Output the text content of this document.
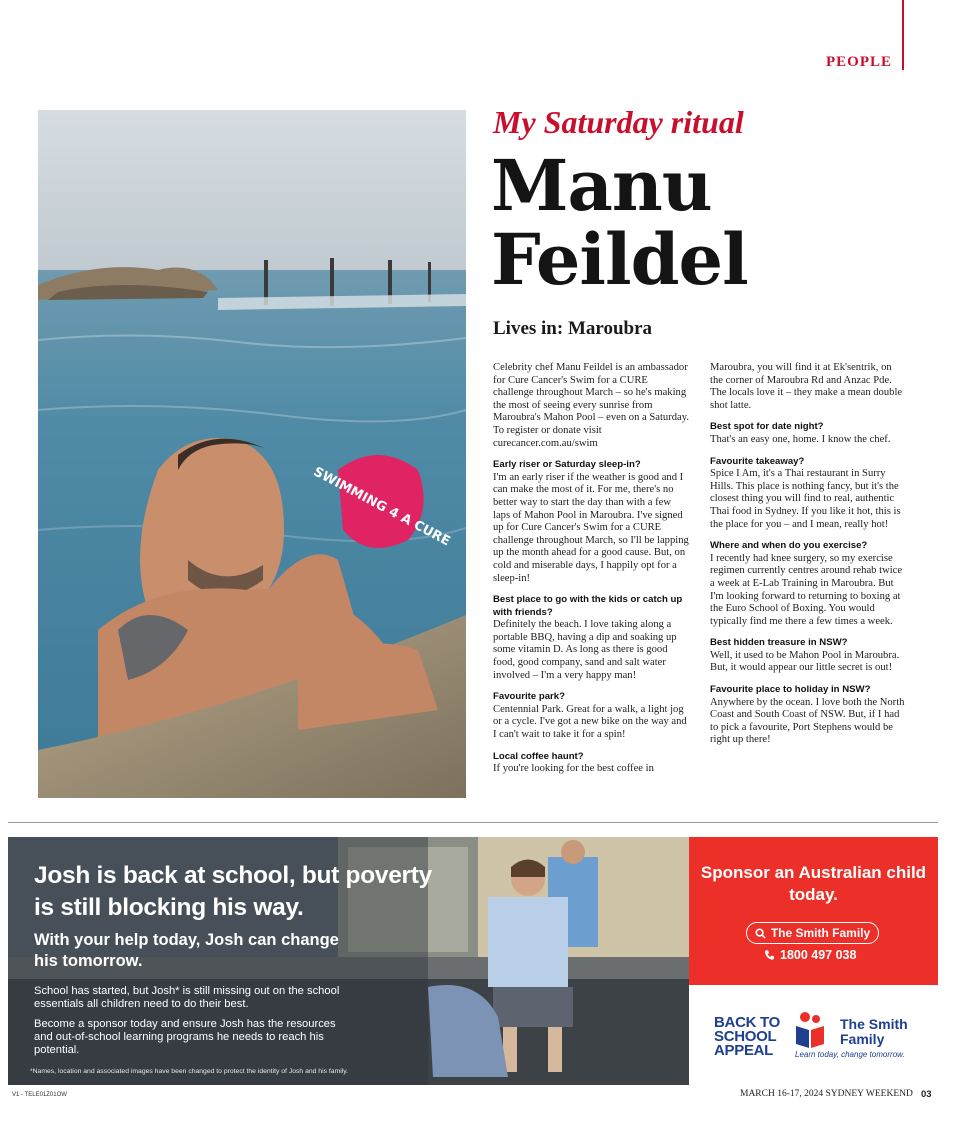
PEOPLE
SWIMMING 4 A CURE
My Saturday ritual
Manu
Feildel
Lives in: Maroubra

Celebrity chef Manu Feildel is an ambassador for Cure Cancer's Swim for a CURE challenge throughout March – so he's making the most of seeing every sunrise from Maroubra's Mahon Pool – even on a Saturday. To register or donate visit curecancer.com.au/swim

Early riser or Saturday sleep-in?
I'm an early riser if the weather is good and I can make the most of it. For me, there's no better way to start the day than with a few laps of Mahon Pool in Maroubra. I've signed up for Cure Cancer's Swim for a CURE challenge throughout March, so I'll be lapping up the month ahead for a good cause. But, on cold and miserable days, I happily opt for a sleep-in!

Best place to go with the kids or catch up with friends?
Definitely the beach. I love taking along a portable BBQ, having a dip and soaking up some vitamin D. As long as there is good food, good company, sand and salt water involved – I'm a very happy man!

Favourite park?
Centennial Park. Great for a walk, a light jog or a cycle. I've got a new bike on the way and I can't wait to take it for a spin!

Local coffee haunt?
If you're looking for the best coffee in

Maroubra, you will find it at Ek'sentrik, on the corner of Maroubra Rd and Anzac Pde. The locals love it – they make a mean double shot latte.

Best spot for date night?
That's an easy one, home. I know the chef.

Favourite takeaway?
Spice I Am, it's a Thai restaurant in Surry Hills. This place is nothing fancy, but it's the closest thing you will find to real, authentic Thai food in Sydney. If you like it hot, this is the place for you – and I mean, really hot!

Where and when do you exercise?
I recently had knee surgery, so my exercise regimen currently centres around rehab twice a week at E-Lab Training in Maroubra. But I'm looking forward to returning to boxing at the Euro School of Boxing. You would typically find me there a few times a week.

Best hidden treasure in NSW?
Well, it used to be Mahon Pool in Maroubra. But, it would appear our little secret is out!

Favourite place to holiday in NSW?
Anywhere by the ocean. I love both the North Coast and South Coast of NSW. But, if I had to pick a favourite, Port Stephens would be right up there!

Josh is back at school, but poverty is still blocking his way.
With your help today, Josh can change his tomorrow.
School has started, but Josh* is still missing out on the school essentials all children need to do their best.
Become a sponsor today and ensure Josh has the resources and out-of-school learning programs he needs to reach his potential.
*Names, location and associated images have been changed to protect the identity of Josh and his family.
Sponsor an Australian child today.
The Smith Family
1800 497 038
BACK TO
SCHOOL
APPEAL
The Smith
Family
Learn today, change tomorrow.
V1 - TELE01Z01OW	MARCH 16-17, 2024 SYDNEY WEEKEND 03
